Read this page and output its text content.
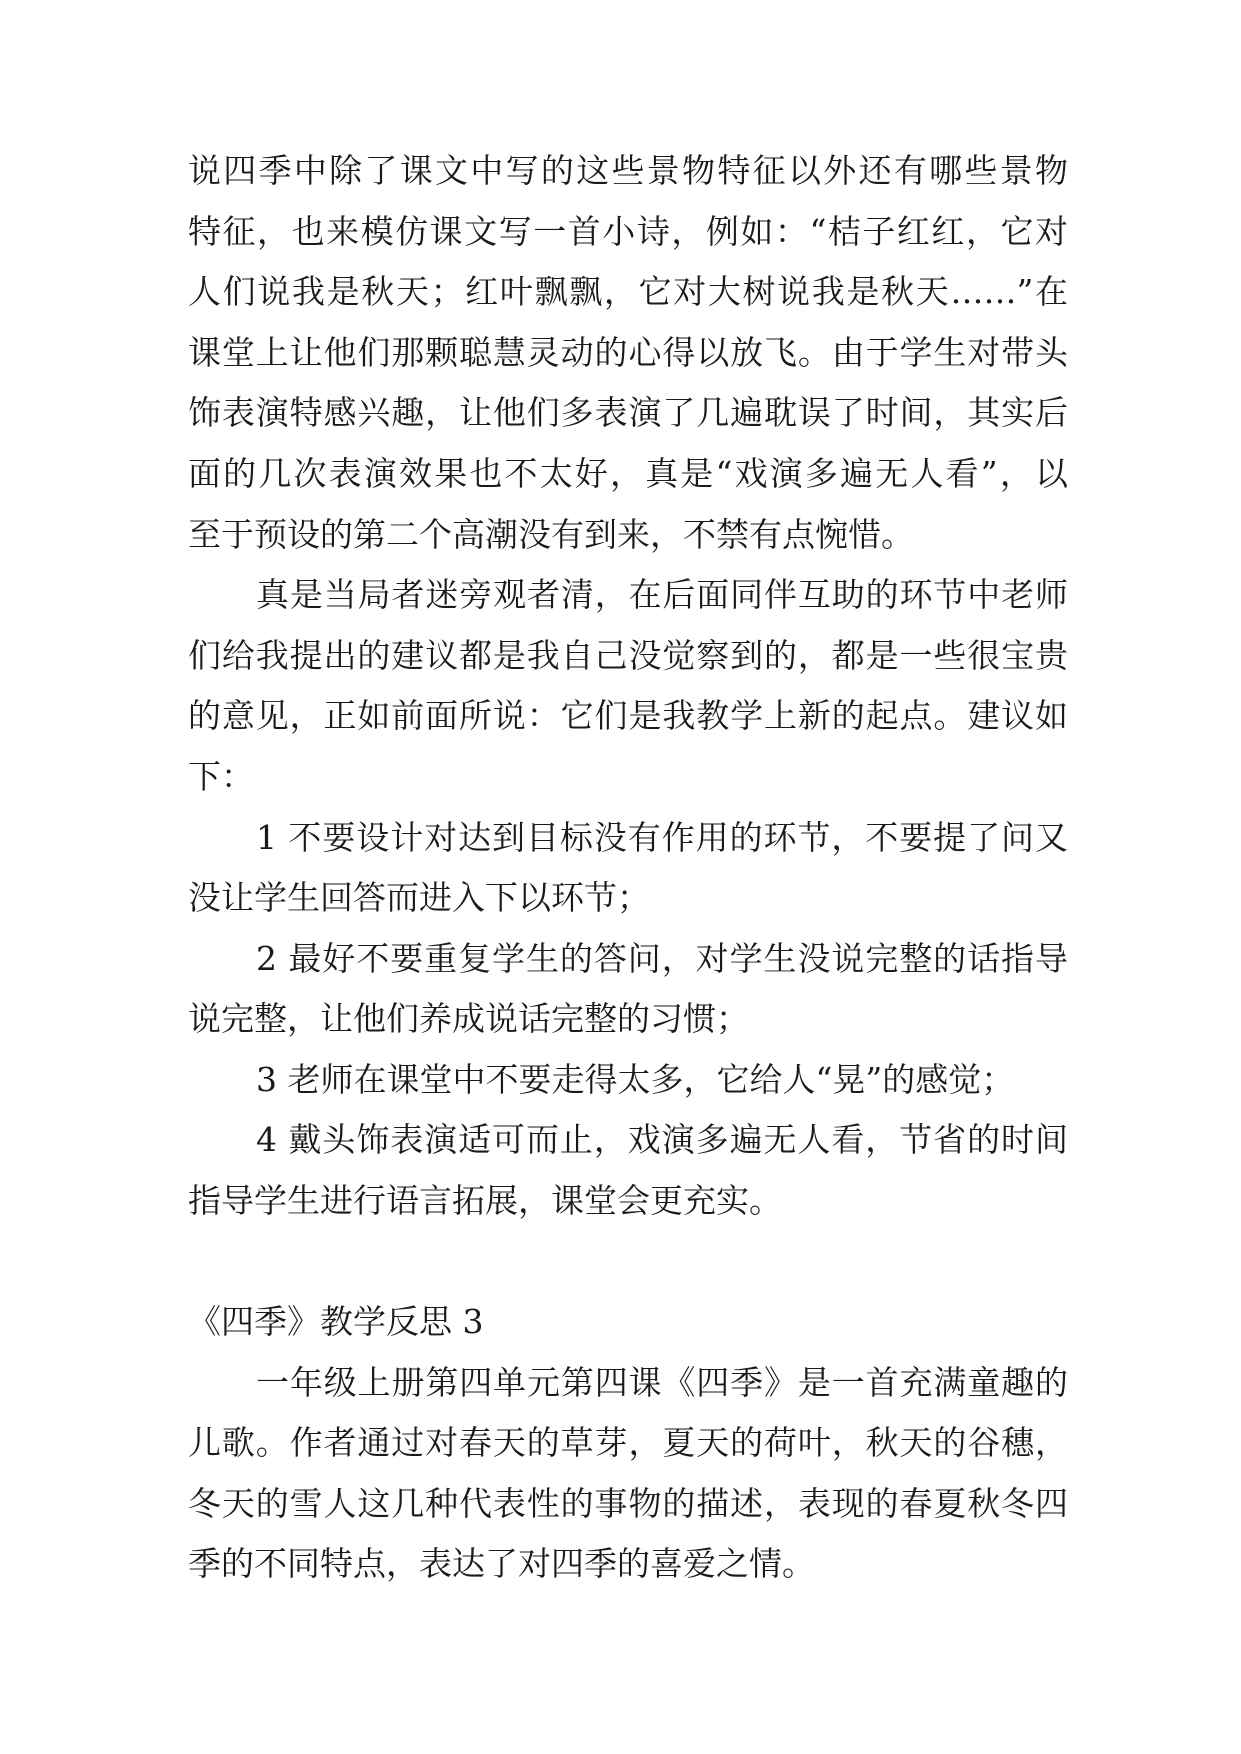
说四季中除了课文中写的这些景物特征以外还有哪些景物
特征，也来模仿课文写一首小诗，例如：“桔子红红，它对
人们说我是秋天；红叶飘飘，它对大树说我是秋天……”在
课堂上让他们那颗聪慧灵动的心得以放飞。由于学生对带头
饰表演特感兴趣，让他们多表演了几遍耽误了时间，其实后
面的几次表演效果也不太好，真是“戏演多遍无人看”，以
至于预设的第二个高潮没有到来，不禁有点惋惜。
真是当局者迷旁观者清，在后面同伴互助的环节中老师
们给我提出的建议都是我自己没觉察到的，都是一些很宝贵
的意见，正如前面所说：它们是我教学上新的起点。建议如
下：
1 不要设计对达到目标没有作用的环节，不要提了问又
没让学生回答而进入下以环节；
2 最好不要重复学生的答问，对学生没说完整的话指导
说完整，让他们养成说话完整的习惯；
3 老师在课堂中不要走得太多，它给人“晃”的感觉；
4 戴头饰表演适可而止，戏演多遍无人看，节省的时间
指导学生进行语言拓展，课堂会更充实。
《四季》教学反思 3
一年级上册第四单元第四课《四季》是一首充满童趣的
儿歌。作者通过对春天的草芽，夏天的荷叶，秋天的谷穗，
冬天的雪人这几种代表性的事物的描述，表现的春夏秋冬四
季的不同特点，表达了对四季的喜爱之情。
